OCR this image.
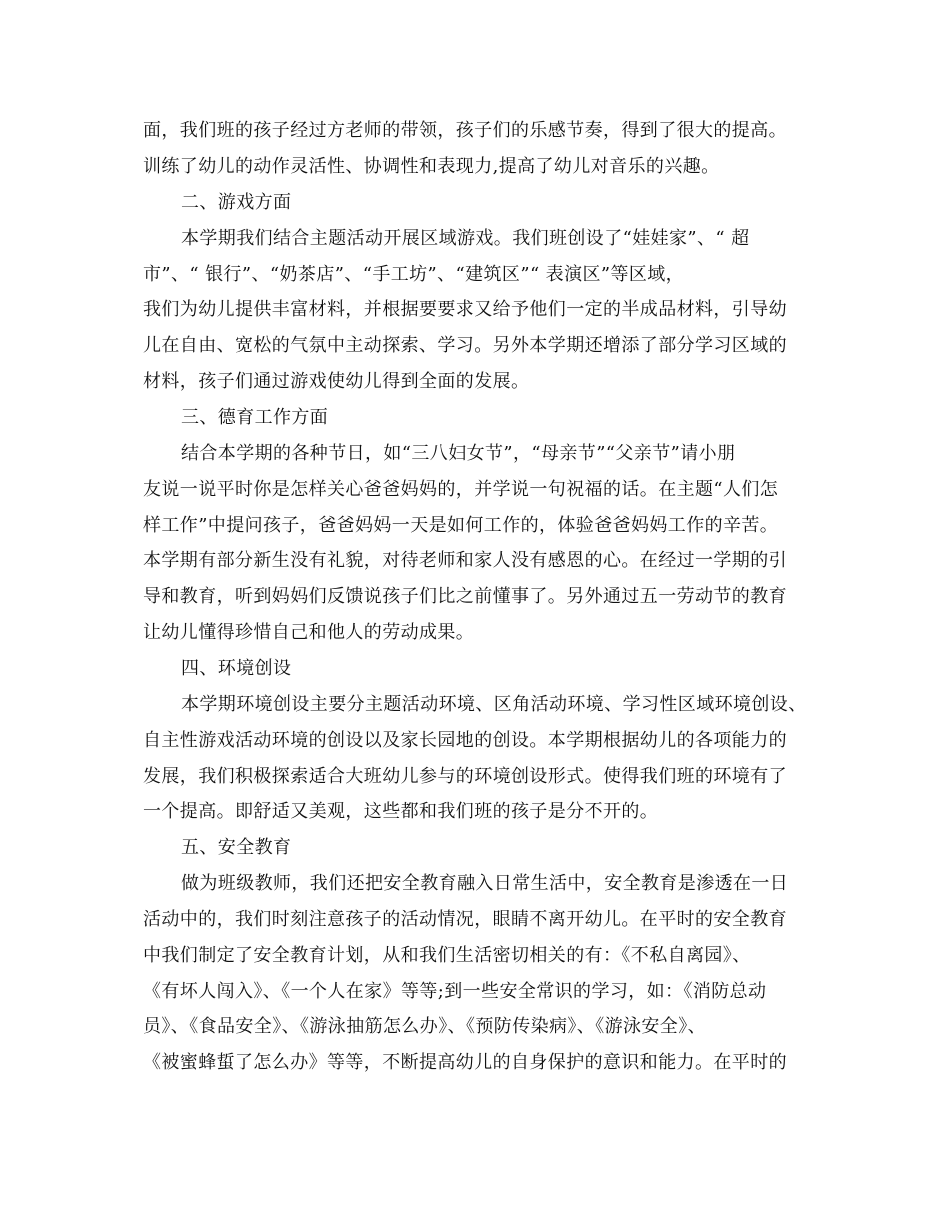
面，我们班的孩子经过方老师的带领，孩子们的乐感节奏，得到了很大的提高。
训练了幼儿的动作灵活性、协调性和表现力,提高了幼儿对音乐的兴趣。
二、游戏方面
本学期我们结合主题活动开展区域游戏。我们班创设了“娃娃家”、“ 超
市”、“ 银行”、“奶茶店”、“手工坊”、“建筑区”“ 表演区”等区域，
我们为幼儿提供丰富材料，并根据要要求又给予他们一定的半成品材料，引导幼
儿在自由、宽松的气氛中主动探索、学习。另外本学期还增添了部分学习区域的
材料，孩子们通过游戏使幼儿得到全面的发展。
三、德育工作方面
结合本学期的各种节日，如“三八妇女节”，“母亲节”“父亲节”请小朋
友说一说平时你是怎样关心爸爸妈妈的，并学说一句祝福的话。在主题“人们怎
样工作”中提问孩子，爸爸妈妈一天是如何工作的，体验爸爸妈妈工作的辛苦。
本学期有部分新生没有礼貌，对待老师和家人没有感恩的心。在经过一学期的引
导和教育，听到妈妈们反馈说孩子们比之前懂事了。另外通过五一劳动节的教育
让幼儿懂得珍惜自己和他人的劳动成果。
四、环境创设
本学期环境创设主要分主题活动环境、区角活动环境、学习性区域环境创设、
自主性游戏活动环境的创设以及家长园地的创设。本学期根据幼儿的各项能力的
发展，我们积极探索适合大班幼儿参与的环境创设形式。使得我们班的环境有了
一个提高。即舒适又美观，这些都和我们班的孩子是分不开的。
五、安全教育
做为班级教师，我们还把安全教育融入日常生活中，安全教育是渗透在一日
活动中的，我们时刻注意孩子的活动情况，眼睛不离开幼儿。在平时的安全教育
中我们制定了安全教育计划，从和我们生活密切相关的有：《不私自离园》、
《有坏人闯入》、《一个人在家》等等;到一些安全常识的学习，如：《消防总动
员》、《食品安全》、《游泳抽筋怎么办》、《预防传染病》、《游泳安全》、
《被蜜蜂蜇了怎么办》等等，不断提高幼儿的自身保护的意识和能力。在平时的
